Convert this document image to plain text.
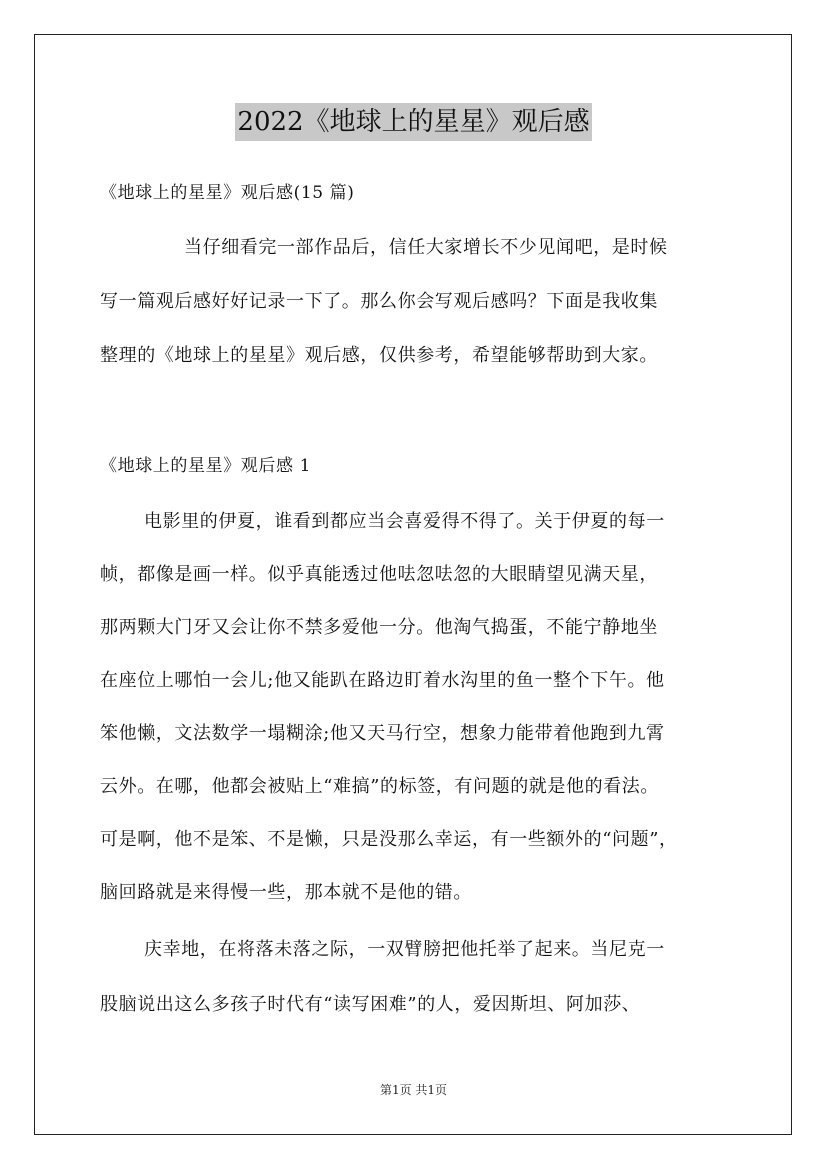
2022《地球上的星星》观后感
《地球上的星星》观后感(15 篇)
当仔细看完一部作品后，信任大家增长不少见闻吧，是时候
写一篇观后感好好记录一下了。那么你会写观后感吗？下面是我收集
整理的《地球上的星星》观后感，仅供参考，希望能够帮助到大家。
《地球上的星星》观后感 1
电影里的伊夏，谁看到都应当会喜爱得不得了。关于伊夏的每一
帧，都像是画一样。似乎真能透过他呿忽呿忽的大眼睛望见满天星，
那两颗大门牙又会让你不禁多爱他一分。他淘气捣蛋，不能宁静地坐
在座位上哪怕一会儿;他又能趴在路边盯着水沟里的鱼一整个下午。他
笨他懒，文法数学一塌糊涂;他又天马行空，想象力能带着他跑到九霄
云外。在哪，他都会被贴上“难搞”的标签，有问题的就是他的看法。
可是啊，他不是笨、不是懒，只是没那么幸运，有一些额外的“问题”，
脑回路就是来得慢一些，那本就不是他的错。
庆幸地，在将落未落之际，一双臂膀把他托举了起来。当尼克一
股脑说出这么多孩子时代有“读写困难”的人，爱因斯坦、阿加莎、
第1页 共1页
